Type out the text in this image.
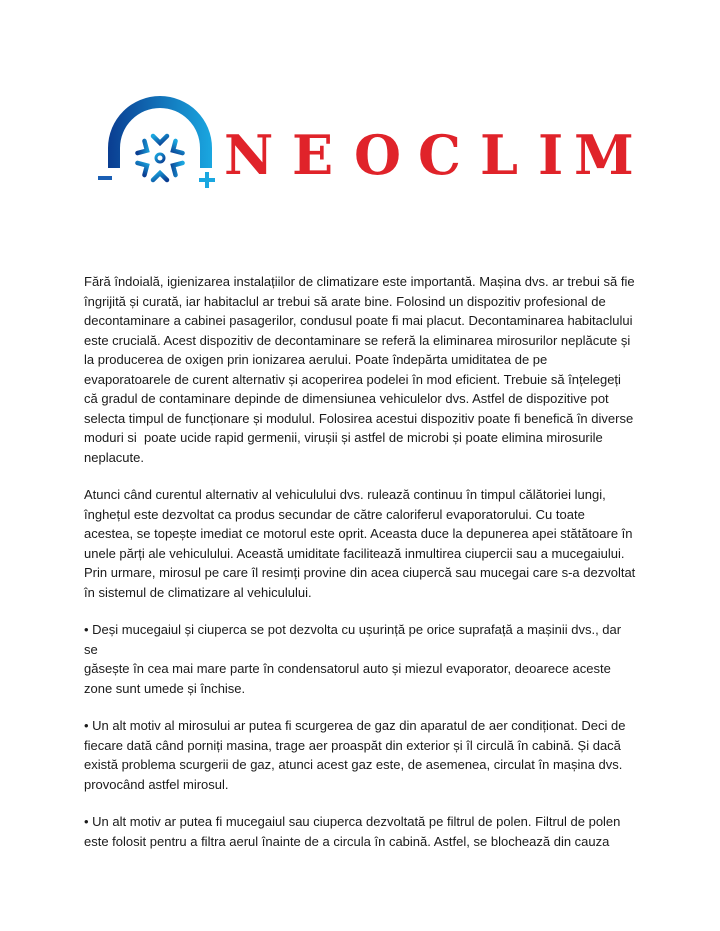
N E O C L I M

Fără îndoială, igienizarea instalațiilor de climatizare este importantă. Mașina dvs. ar trebui să fie
îngrijită și curată, iar habitaclul ar trebui să arate bine. Folosind un dispozitiv profesional de
decontaminare a cabinei pasagerilor, condusul poate fi mai placut. Decontaminarea habitaclului
este crucială. Acest dispozitiv de decontaminare se referă la eliminarea mirosurilor neplăcute și
la producerea de oxigen prin ionizarea aerului. Poate îndepărta umiditatea de pe
evaporatoarele de curent alternativ și acoperirea podelei în mod eficient. Trebuie să înțelegeți
că gradul de contaminare depinde de dimensiunea vehiculelor dvs. Astfel de dispozitive pot
selecta timpul de funcționare și modulul. Folosirea acestui dispozitiv poate fi benefică în diverse
moduri si  poate ucide rapid germenii, virușii și astfel de microbi și poate elimina mirosurile
neplacute.

Atunci când curentul alternativ al vehiculului dvs. rulează continuu în timpul călătoriei lungi,
înghețul este dezvoltat ca produs secundar de către caloriferul evaporatorului. Cu toate
acestea, se topește imediat ce motorul este oprit. Aceasta duce la depunerea apei stătătoare în
unele părți ale vehiculului. Această umiditate facilitează inmultirea ciupercii sau a mucegaiului.
Prin urmare, mirosul pe care îl resimți provine din acea ciupercă sau mucegai care s-a dezvoltat
în sistemul de climatizare al vehiculului.

• Deși mucegaiul și ciuperca se pot dezvolta cu ușurință pe orice suprafață a mașinii dvs., dar se
găsește în cea mai mare parte în condensatorul auto și miezul evaporator, deoarece aceste
zone sunt umede și închise.

• Un alt motiv al mirosului ar putea fi scurgerea de gaz din aparatul de aer condiționat. Deci de
fiecare dată când porniți masina, trage aer proaspăt din exterior și îl circulă în cabină. Și dacă
există problema scurgerii de gaz, atunci acest gaz este, de asemenea, circulat în mașina dvs.
provocând astfel mirosul.

• Un alt motiv ar putea fi mucegaiul sau ciuperca dezvoltată pe filtrul de polen. Filtrul de polen
este folosit pentru a filtra aerul înainte de a circula în cabină. Astfel, se blochează din cauza
